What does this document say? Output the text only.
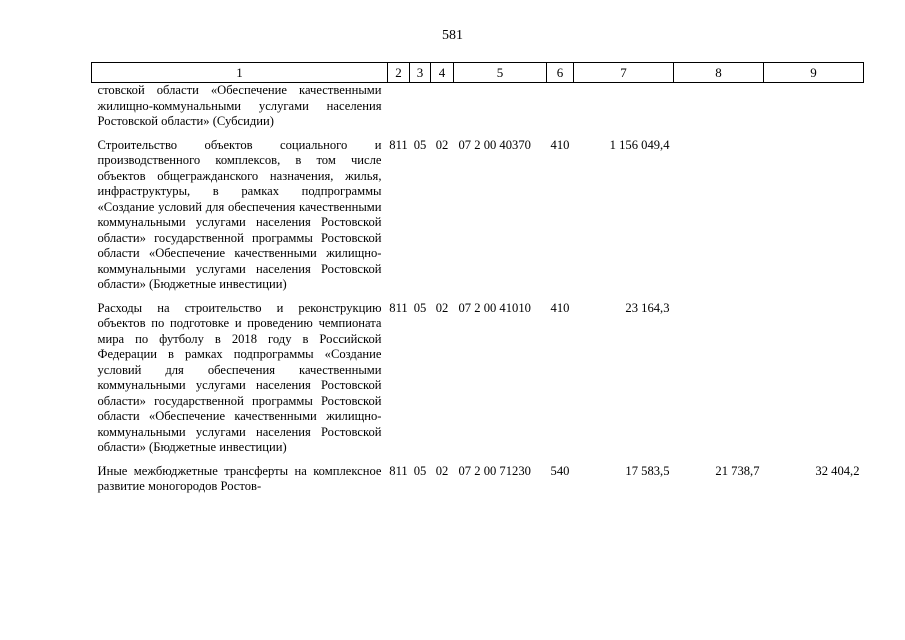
581
1	2	3	4	5	6	7	8	9
стовской области «Обеспечение качественными жилищно-коммунальными услугами населения Ростовской области» (Субсидии)								
Строительство объектов социального и производственного комплексов, в том числе объектов общегражданского назначения, жилья, инфраструктуры, в рамках подпрограммы «Создание условий для обеспечения качественными коммунальными услугами населения Ростовской области» государственной программы Ростовской области «Обеспечение качественными жилищно-коммунальными услугами населения Ростовской области» (Бюджетные инвестиции)	811	05	02	07 2 00 40370	410	1 156 049,4		
Расходы на строительство и реконструкцию объектов по подготовке и проведению чемпионата мира по футболу в 2018 году в Российской Федерации в рамках подпрограммы «Создание условий для обеспечения качественными коммунальными услугами населения Ростовской области» государственной программы Ростовской области «Обеспечение качественными жилищно-коммунальными услугами населения Ростовской области» (Бюджетные инвестиции)	811	05	02	07 2 00 41010	410	23 164,3		
Иные межбюджетные трансферты на комплексное развитие моногородов Ростов-	811	05	02	07 2 00 71230	540	17 583,5	21 738,7	32 404,2
